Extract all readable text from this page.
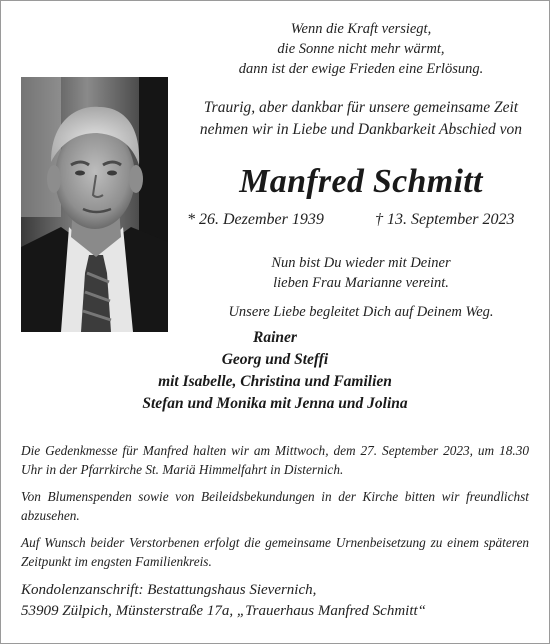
Wenn die Kraft versiegt,
die Sonne nicht mehr wärmt,
dann ist der ewige Frieden eine Erlösung.
Traurig, aber dankbar für unsere gemeinsame Zeit
nehmen wir in Liebe und Dankbarkeit Abschied von
Manfred Schmitt
* 26. Dezember 1939	† 13. September 2023
Nun bist Du wieder mit Deiner
lieben Frau Marianne vereint.
Unsere Liebe begleitet Dich auf Deinem Weg.
Rainer
Georg und Steffi
mit Isabelle, Christina und Familien
Stefan und Monika mit Jenna und Jolina
Die Gedenkmesse für Manfred halten wir am Mittwoch, dem 27. September 2023, um 18.30 Uhr in der Pfarrkirche St. Mariä Himmelfahrt in Disternich.
Von Blumenspenden sowie von Beileidsbekundungen in der Kirche bitten wir freundlichst abzusehen.
Auf Wunsch beider Verstorbenen erfolgt die gemeinsame Urnenbeisetzung zu einem späteren Zeitpunkt im engsten Familienkreis.
Kondolenzanschrift: Bestattungshaus Sievernich,
53909 Zülpich, Münsterstraße 17a, „Trauerhaus Manfred Schmitt“
